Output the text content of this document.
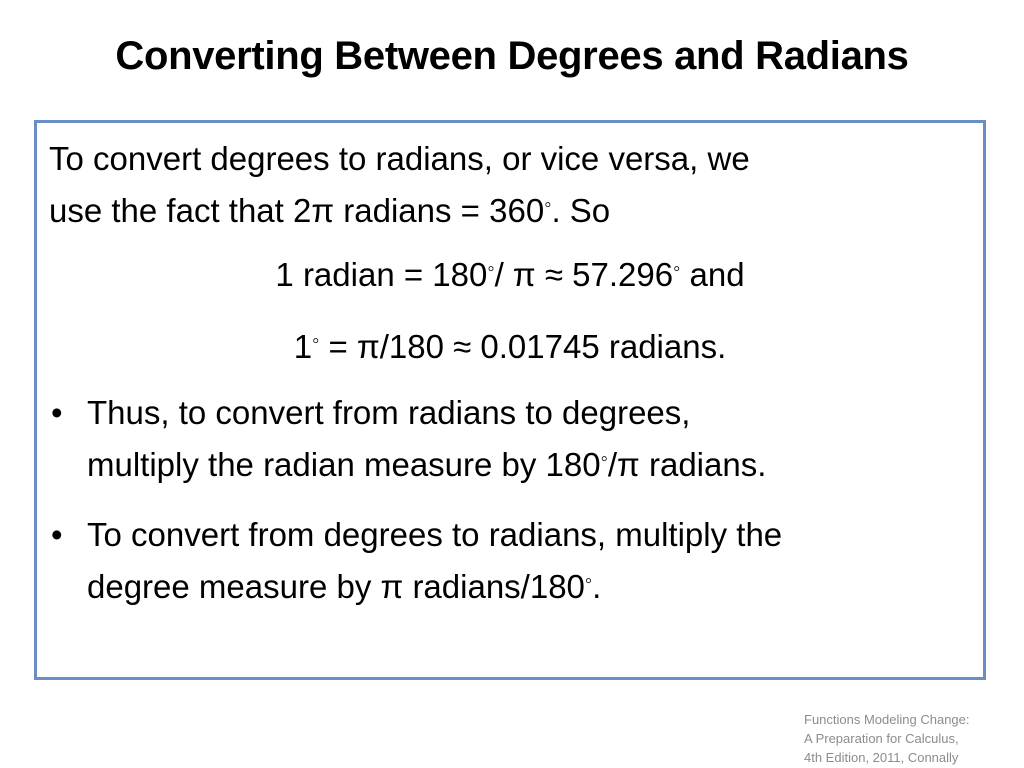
Converting Between Degrees and Radians

To convert degrees to radians, or vice versa, we
use the fact that 2π radians = 360◦. So

1 radian = 180◦/ π ≈ 57.296◦ and

1◦ = π/180 ≈ 0.01745 radians.

• Thus, to convert from radians to degrees,
multiply the radian measure by 180◦/π radians.
• To convert from degrees to radians, multiply the
degree measure by π radians/180◦.
Functions Modeling Change:
A Preparation for Calculus,
4th Edition, 2011, Connally
